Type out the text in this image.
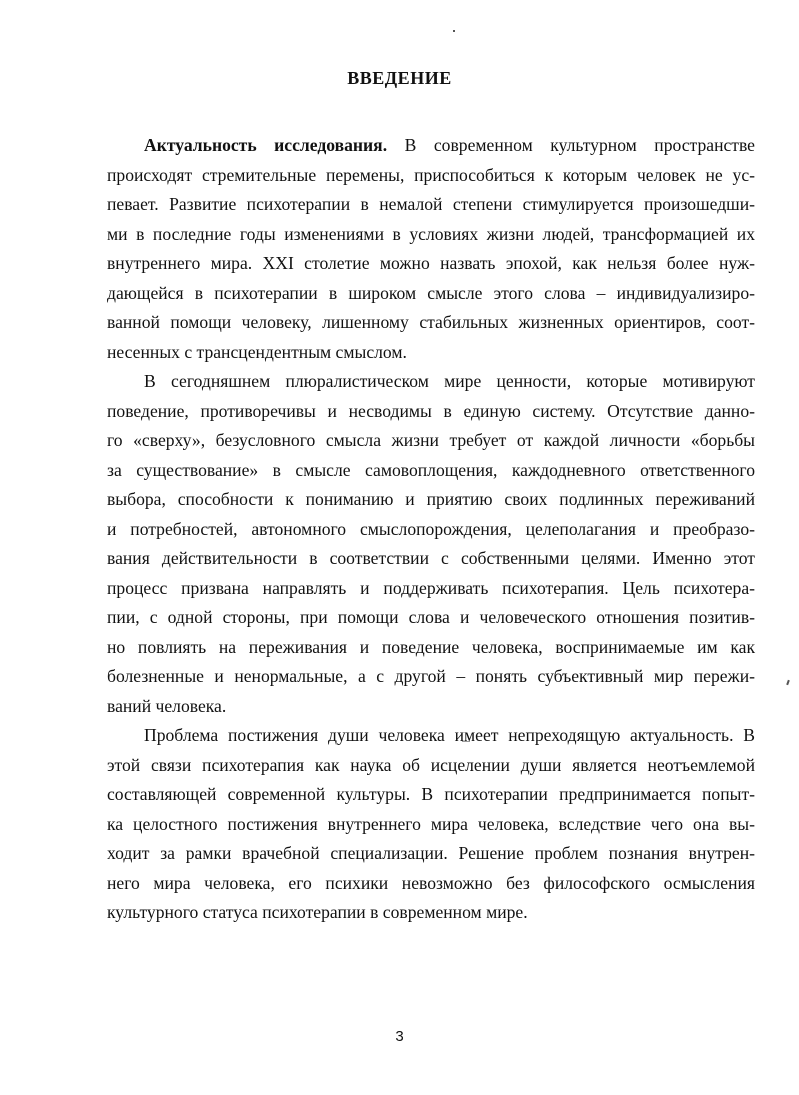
ВВЕДЕНИЕ
Актуальность исследования. В современном культурном пространстве
происходят стремительные перемены, приспособиться к которым человек не ус-
певает. Развитие психотерапии в немалой степени стимулируется произошедши-
ми в последние годы изменениями в условиях жизни людей, трансформацией их
внутреннего мира. XXI столетие можно назвать эпохой, как нельзя более нуж-
дающейся в психотерапии в широком смысле этого слова – индивидуализиро-
ванной помощи человеку, лишенному стабильных жизненных ориентиров, соот-
несенных с трансцендентным смыслом.
В сегодняшнем плюралистическом мире ценности, которые мотивируют
поведение, противоречивы и несводимы в единую систему. Отсутствие данно-
го «сверху», безусловного смысла жизни требует от каждой личности «борьбы
за существование» в смысле самовоплощения, каждодневного ответственного
выбора, способности к пониманию и приятию своих подлинных переживаний
и потребностей, автономного смыслопорождения, целеполагания и преобразо-
вания действительности в соответствии с собственными целями. Именно этот
процесс призвана направлять и поддерживать психотерапия. Цель психотера-
пии, с одной стороны, при помощи слова и человеческого отношения позитив-
но повлиять на переживания и поведение человека, воспринимаемые им как
болезненные и ненормальные, а с другой – понять субъективный мир пережи-
ваний человека.
Проблема постижения души человека имеет непреходящую актуальность. В
этой связи психотерапия как наука об исцелении души является неотъемлемой
составляющей современной культуры. В психотерапии предпринимается попыт-
ка целостного постижения внутреннего мира человека, вследствие чего она вы-
ходит за рамки врачебной специализации. Решение проблем познания внутрен-
него мира человека, его психики невозможно без философского осмысления
культурного статуса психотерапии в современном мире.
3
